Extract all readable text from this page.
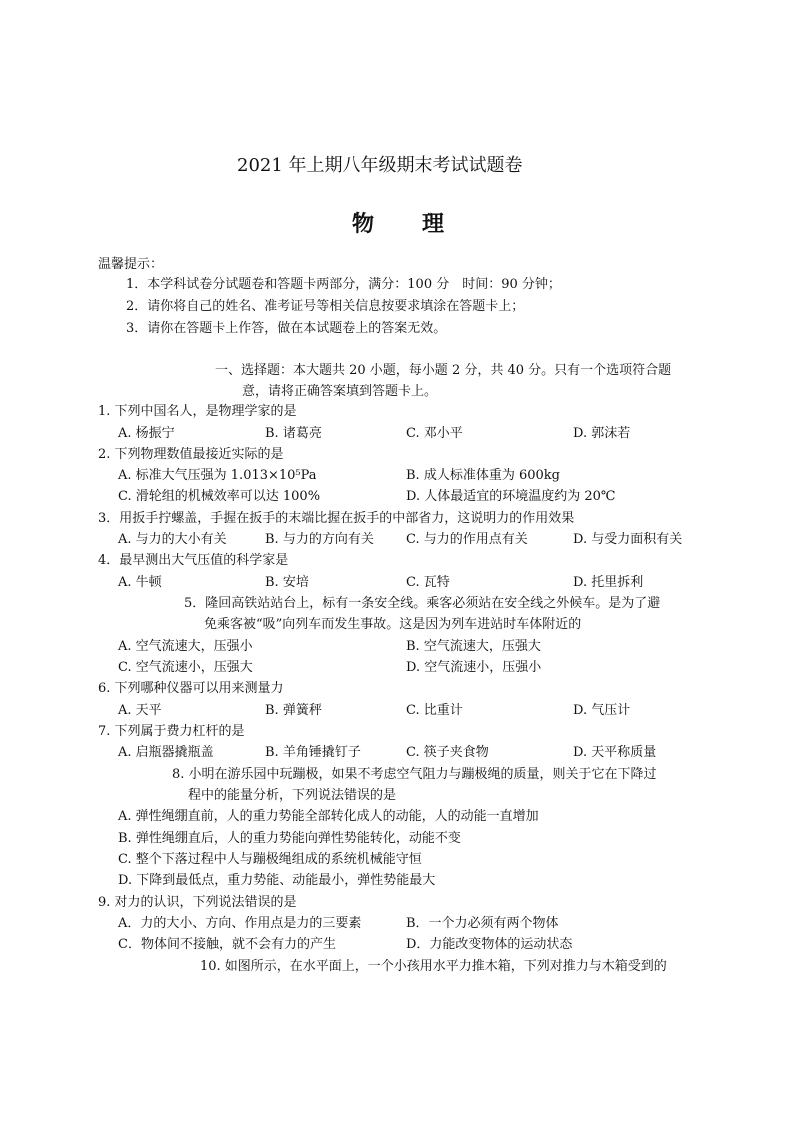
2021 年上期八年级期末考试试题卷
物 理
温馨提示：
1．本学科试卷分试题卷和答题卡两部分，满分：100 分　时间：90 分钟；
2．请你将自己的姓名、准考证号等相关信息按要求填涂在答题卡上；
3．请你在答题卡上作答，做在本试题卷上的答案无效。
一、选择题：本大题共 20 小题，每小题 2 分，共 40 分。只有一个选项符合题
意，请将正确答案填到答题卡上。
1. 下列中国名人，是物理学家的是
A. 杨振宁	B. 诸葛亮	C. 邓小平	D. 郭沫若
2. 下列物理数值最接近实际的是
A. 标准大气压强为 1.013×10⁵Pa	B. 成人标准体重为 600kg
C. 滑轮组的机械效率可以达 100%	D. 人体最适宜的环境温度约为 20℃
3．用扳手拧螺盖，手握在扳手的末端比握在扳手的中部省力，这说明力的作用效果
A. 与力的大小有关	B. 与力的方向有关 C. 与力的作用点有关	D. 与受力面积有关
4．最早测出大气压值的科学家是
A. 牛顿	B. 安培	C. 瓦特	D. 托里拆利
5．隆回高铁站站台上，标有一条安全线。乘客必须站在安全线之外候车。是为了避
免乘客被“吸”向列车而发生事故。这是因为列车进站时车体附近的
A. 空气流速大，压强小	B. 空气流速大，压强大
C. 空气流速小，压强大	D. 空气流速小，压强小
6. 下列哪种仪器可以用来测量力
A. 天平	B. 弹簧秤	C. 比重计	D. 气压计
7. 下列属于费力杠杆的是
A. 启瓶器撬瓶盖	B. 羊角锤撬钉子	C. 筷子夹食物	D. 天平称质量
8. 小明在游乐园中玩蹦极，如果不考虑空气阻力与蹦极绳的质量，则关于它在下降过
程中的能量分析，下列说法错误的是
A. 弹性绳绷直前，人的重力势能全部转化成人的动能，人的动能一直增加
B. 弹性绳绷直后，人的重力势能向弹性势能转化，动能不变
C. 整个下落过程中人与蹦极绳组成的系统机械能守恒
D. 下降到最低点，重力势能、动能最小，弹性势能最大
9. 对力的认识，下列说法错误的是
A．力的大小、方向、作用点是力的三要素	B．一个力必须有两个物体
C．物体间不接触，就不会有力的产生	D．力能改变物体的运动状态
10. 如图所示，在水平面上，一个小孩用水平力推木箱，下列对推力与木箱受到的
